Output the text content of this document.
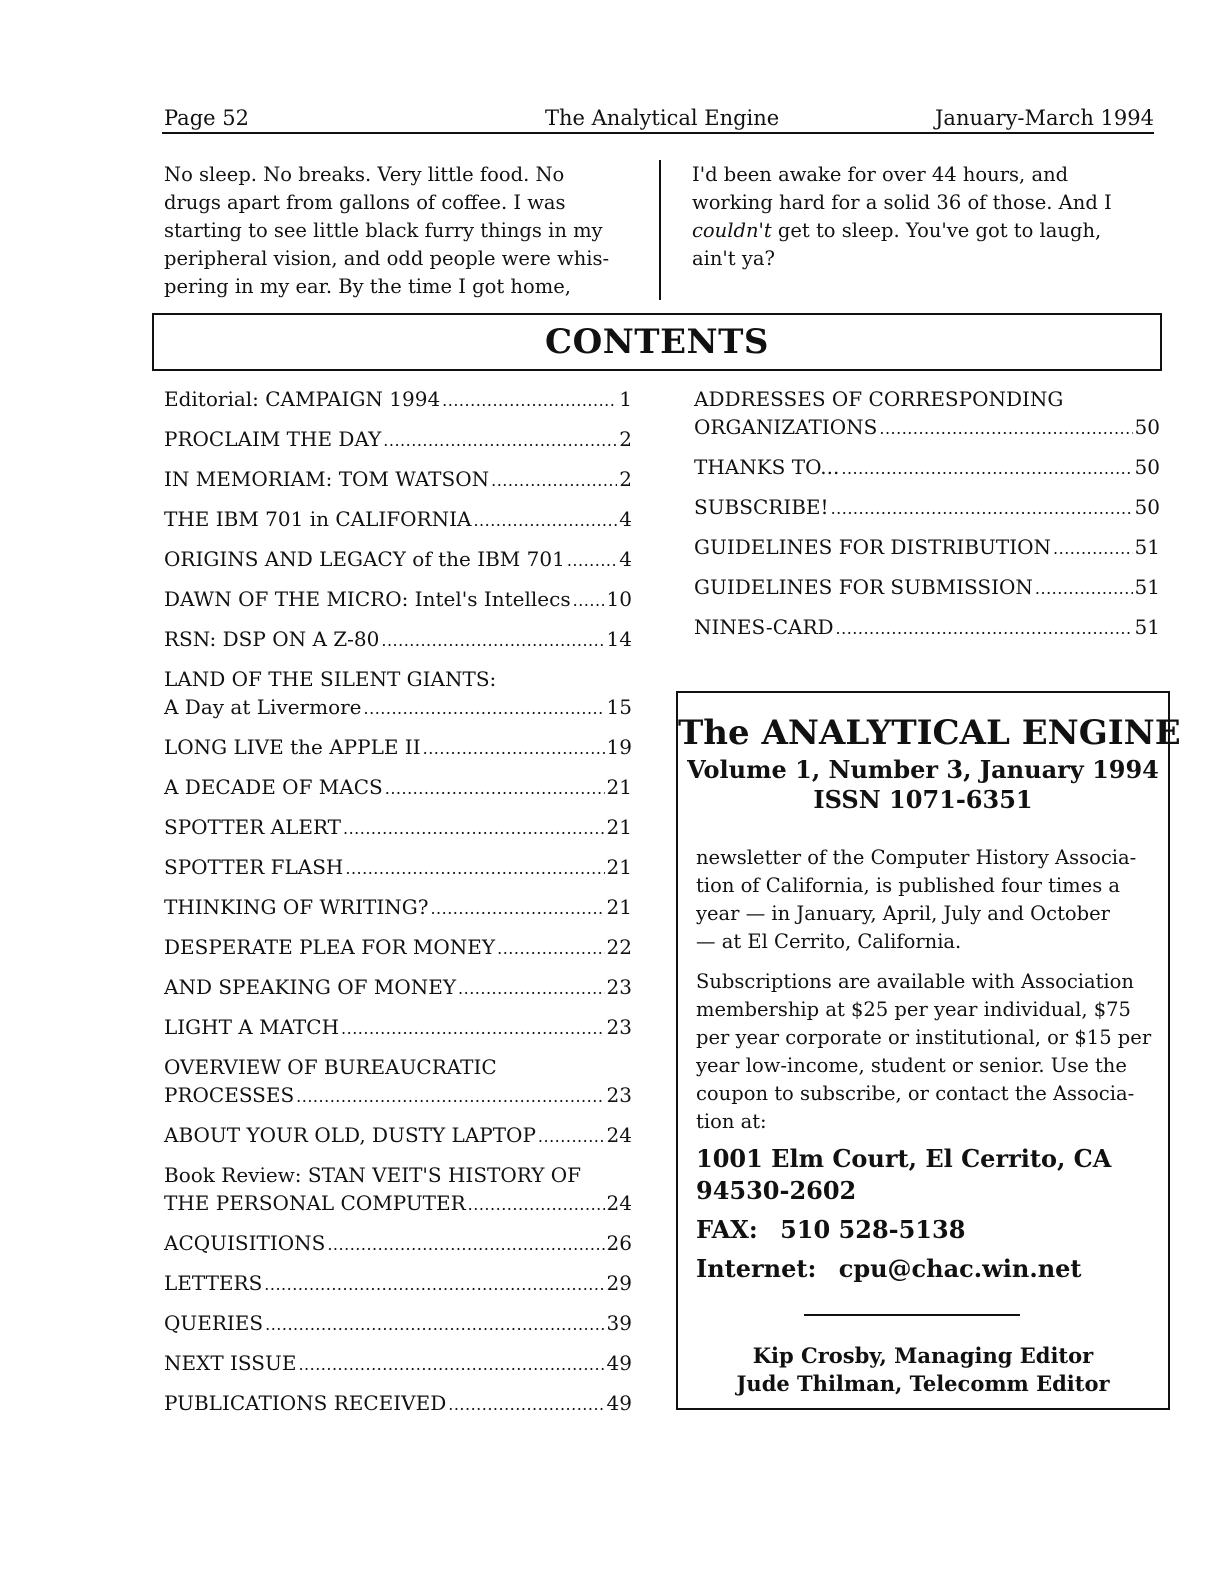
Page 52	The Analytical Engine	January-March 1994

No sleep. No breaks. Very little food. No

drugs apart from gallons of coffee. I was

starting to see little black furry things in my

peripheral vision, and odd people were whis-

pering in my ear. By the time I got home,

I'd been awake for over 44 hours, and

working hard for a solid 36 of those. And I

couldn't get to sleep. You've got to laugh,

ain't ya?

CONTENTS
Editorial: CAMPAIGN 1994 .....	1
PROCLAIM THE DAY .....	2
IN MEMORIAM: TOM WATSON .....	2
THE IBM 701 in CALIFORNIA .....	4
ORIGINS AND LEGACY of the IBM 701 .....	4
DAWN OF THE MICRO: Intel's Intellecs ..... 10
RSN: DSP ON A Z-80 .....	14
LAND OF THE SILENT GIANTS:
A Day at Livermore .....	15
LONG LIVE the APPLE II .....	19
A DECADE OF MACS .....	21
SPOTTER ALERT .....	21
SPOTTER FLASH .....	21
THINKING OF WRITING? .....	21
DESPERATE PLEA FOR MONEY .....	22
AND SPEAKING OF MONEY .....	23
LIGHT A MATCH .....	23
OVERVIEW OF BUREAUCRATIC
PROCESSES .....	23
ABOUT YOUR OLD, DUSTY LAPTOP .....	24
Book Review: STAN VEIT'S HISTORY OF
THE PERSONAL COMPUTER .....	24
ACQUISITIONS .....	26
LETTERS .....	29
QUERIES .....	39
NEXT ISSUE .....	49
PUBLICATIONS RECEIVED .....	49
ADDRESSES OF CORRESPONDING
ORGANIZATIONS .....	50
THANKS TO... .....	50
SUBSCRIBE! .....	50
GUIDELINES FOR DISTRIBUTION .....	51
GUIDELINES FOR SUBMISSION .....	51
NINES-CARD .....	51
The ANALYTICAL ENGINE
Volume 1, Number 3, January 1994
ISSN 1071-6351

newsletter of the Computer History Associa-

tion of California, is published four times a

year — in January, April, July and October

— at El Cerrito, California.

Subscriptions are available with Association

membership at $25 per year individual, $75

per year corporate or institutional, or $15 per

year low-income, student or senior. Use the

coupon to subscribe, or contact the Associa-

tion at:

1001 Elm Court, El Cerrito, CA
94530-2602
FAX: 510 528-5138
Internet: cpu@chac.win.net
Kip Crosby, Managing Editor
Jude Thilman, Telecomm Editor
